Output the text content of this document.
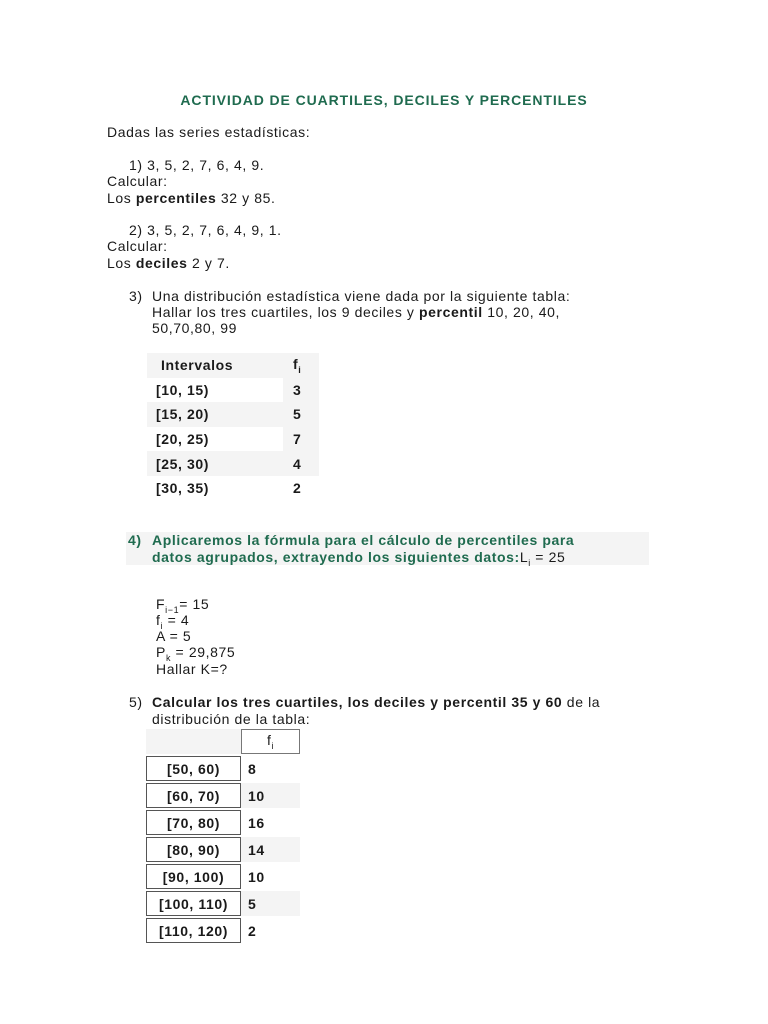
ACTIVIDAD DE CUARTILES, DECILES Y PERCENTILES
Dadas las series estadísticas:
1) 3, 5, 2, 7, 6, 4, 9.
Calcular:
Los percentiles 32 y 85.
2) 3, 5, 2, 7, 6, 4, 9, 1.
Calcular:
Los deciles 2 y 7.
3) Una distribución estadística viene dada por la siguiente tabla:
Hallar los tres cuartiles, los 9 deciles y percentil 10, 20, 40,
50,70,80, 99
Intervalos	$f_i$
[10, 15)	3
[15, 20)	5
[20, 25)	7
[25, 30)	4
[30, 35)	2
4) Aplicaremos la fórmula para el cálculo de percentiles para
datos agrupados, extrayendo los siguientes $datos:L_i = 25$
$F_{i-1}= 15$
$f_i = 4$
A = 5
$P_k = 29,875$
Hallar K=?
5) Calcular los tres cuartiles, los deciles y percentil 35 y 60 de la
distribución de la tabla:
	$f_i$

[50, 60)	8

[60, 70)	10

[70, 80)	16

[80, 90)	14

[90, 100)	10

[100, 110)	5

[110, 120)	2
